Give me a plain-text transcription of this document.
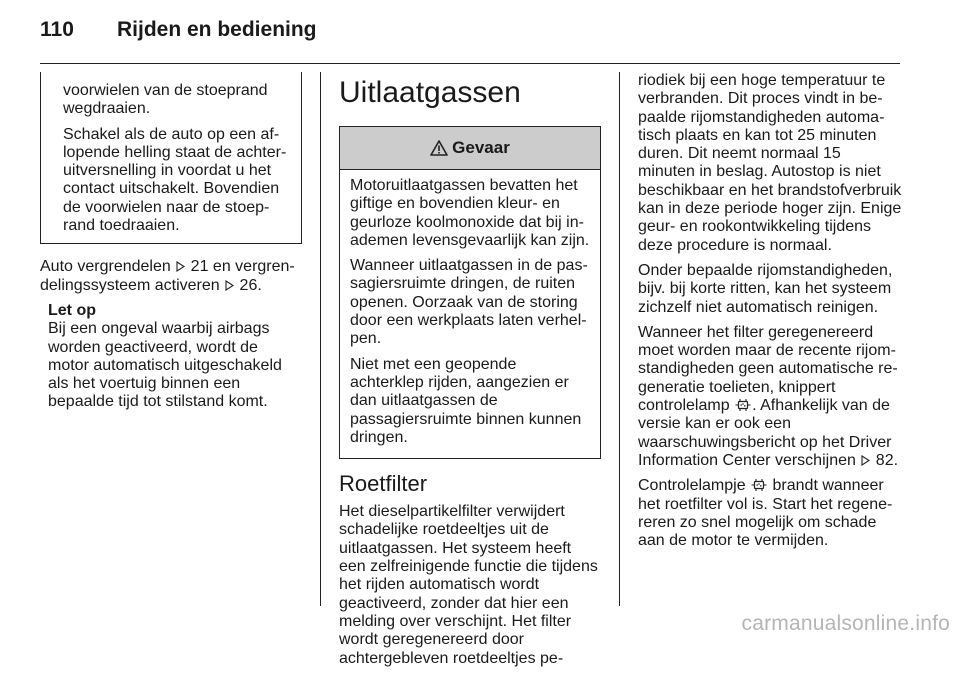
110 Rijden en bediening

voorwielen van de stoeprand wegdraaien.

Schakel als de auto op een aflopende helling staat de achteruitversnelling in voordat u het contact uitschakelt. Bovendien de voorwielen naar de stoeprand toedraaien.

Auto vergrendelen 21 en vergrendelingssysteem activeren 26.

Let op
Bij een ongeval waarbij airbags worden geactiveerd, wordt de motor automatisch uitgeschakeld als het voertuig binnen een bepaalde tijd tot stilstand komt.
Uitlaatgassen
Gevaar

Motoruitlaatgassen bevatten het giftige en bovendien kleur- en geurloze koolmonoxide dat bij inademen levensgevaarlijk kan zijn.

Wanneer uitlaatgassen in de passagiersruimte dringen, de ruiten openen. Oorzaak van de storing door een werkplaats laten verhelpen.

Niet met een geopende achterklep rijden, aangezien er dan uitlaatgassen de passagiersruimte binnen kunnen dringen.

Roetfilter

Het dieselpartikelfilter verwijdert schadelijke roetdeeltjes uit de uitlaatgassen. Het systeem heeft een zelfreinigende functie die tijdens het rijden automatisch wordt geactiveerd, zonder dat hier een melding over verschijnt. Het filter wordt geregenereerd door achtergebleven roetdeeltjes pe-

riodiek bij een hoge temperatuur te verbranden. Dit proces vindt in bepaalde rijomstandigheden automatisch plaats en kan tot 25 minuten duren. Dit neemt normaal 15 minuten in beslag. Autostop is niet beschikbaar en het brandstofverbruik kan in deze periode hoger zijn. Enige geur- en rookontwikkeling tijdens deze procedure is normaal.

Onder bepaalde rijomstandigheden, bijv. bij korte ritten, kan het systeem zichzelf niet automatisch reinigen.

Wanneer het filter geregenereerd moet worden maar de recente rijomstandigheden geen automatische regeneratie toelieten, knippert controlelamp . Afhankelijk van de versie kan er ook een waarschuwingsbericht op het Driver Information Center verschijnen 82.

Controlelampje brandt wanneer het roetfilter vol is. Start het regenereren zo snel mogelijk om schade aan de motor te vermijden.

carmanualsonline.info
